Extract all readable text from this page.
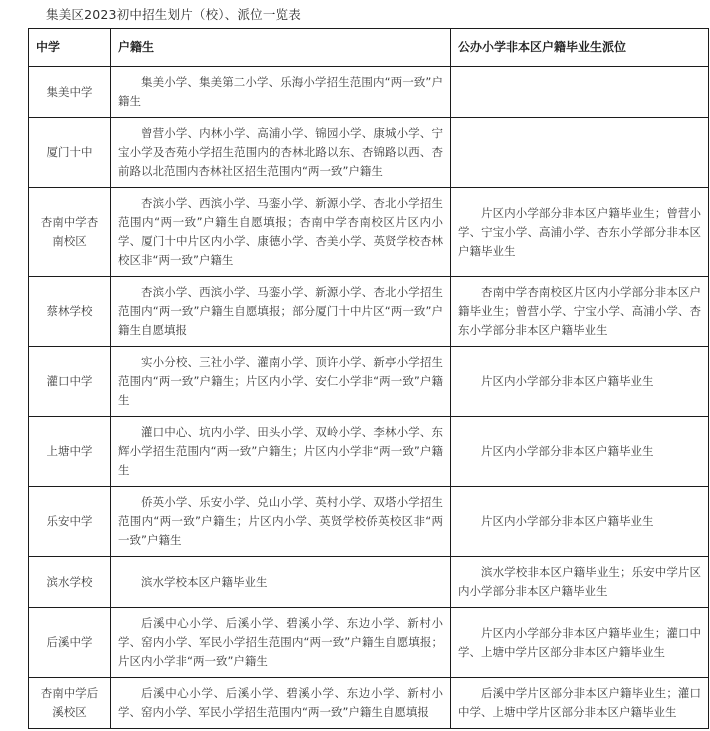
集美区2023初中招生划片（校）、派位一览表
中学	户籍生	公办小学非本区户籍毕业生派位
集美中学	集美小学、集美第二小学、乐海小学招生范围内“两一致”户籍生	
厦门十中	曾营小学、内林小学、高浦小学、锦园小学、康城小学、宁宝小学及杏苑小学招生范围内的杏林北路以东、杏锦路以西、杏前路以北范围内杏林社区招生范围内“两一致”户籍生	
杏南中学杏南校区	杏滨小学、西滨小学、马銮小学、新源小学、杏北小学招生范围内“两一致”户籍生自愿填报；杏南中学杏南校区片区内小学、厦门十中片区内小学、康德小学、杏美小学、英贤学校杏林校区非“两一致”户籍生	片区内小学部分非本区户籍毕业生；曾营小学、宁宝小学、高浦小学、杏东小学部分非本区户籍毕业生
蔡林学校	杏滨小学、西滨小学、马銮小学、新源小学、杏北小学招生范围内“两一致”户籍生自愿填报；部分厦门十中片区“两一致”户籍生自愿填报	杏南中学杏南校区片区内小学部分非本区户籍毕业生；曾营小学、宁宝小学、高浦小学、杏东小学部分非本区户籍毕业生
灌口中学	实小分校、三社小学、灌南小学、顶许小学、新亭小学招生范围内“两一致”户籍生；片区内小学、安仁小学非“两一致”户籍生	片区内小学部分非本区户籍毕业生
上塘中学	灌口中心、坑内小学、田头小学、双岭小学、李林小学、东辉小学招生范围内“两一致”户籍生；片区内小学非“两一致”户籍生	片区内小学部分非本区户籍毕业生
乐安中学	侨英小学、乐安小学、兑山小学、英村小学、双塔小学招生范围内“两一致”户籍生；片区内小学、英贤学校侨英校区非“两一致”户籍生	片区内小学部分非本区户籍毕业生
滨水学校	滨水学校本区户籍毕业生	滨水学校非本区户籍毕业生；乐安中学片区内小学部分非本区户籍毕业生
后溪中学	后溪中心小学、后溪小学、碧溪小学、东边小学、新村小学、窑内小学、军民小学招生范围内“两一致”户籍生自愿填报；片区内小学非“两一致”户籍生	片区内小学部分非本区户籍毕业生；灌口中学、上塘中学片区部分非本区户籍毕业生
杏南中学后溪校区	后溪中心小学、后溪小学、碧溪小学、东边小学、新村小学、窑内小学、军民小学招生范围内“两一致”户籍生自愿填报	后溪中学片区部分非本区户籍毕业生；灌口中学、上塘中学片区部分非本区户籍毕业生
